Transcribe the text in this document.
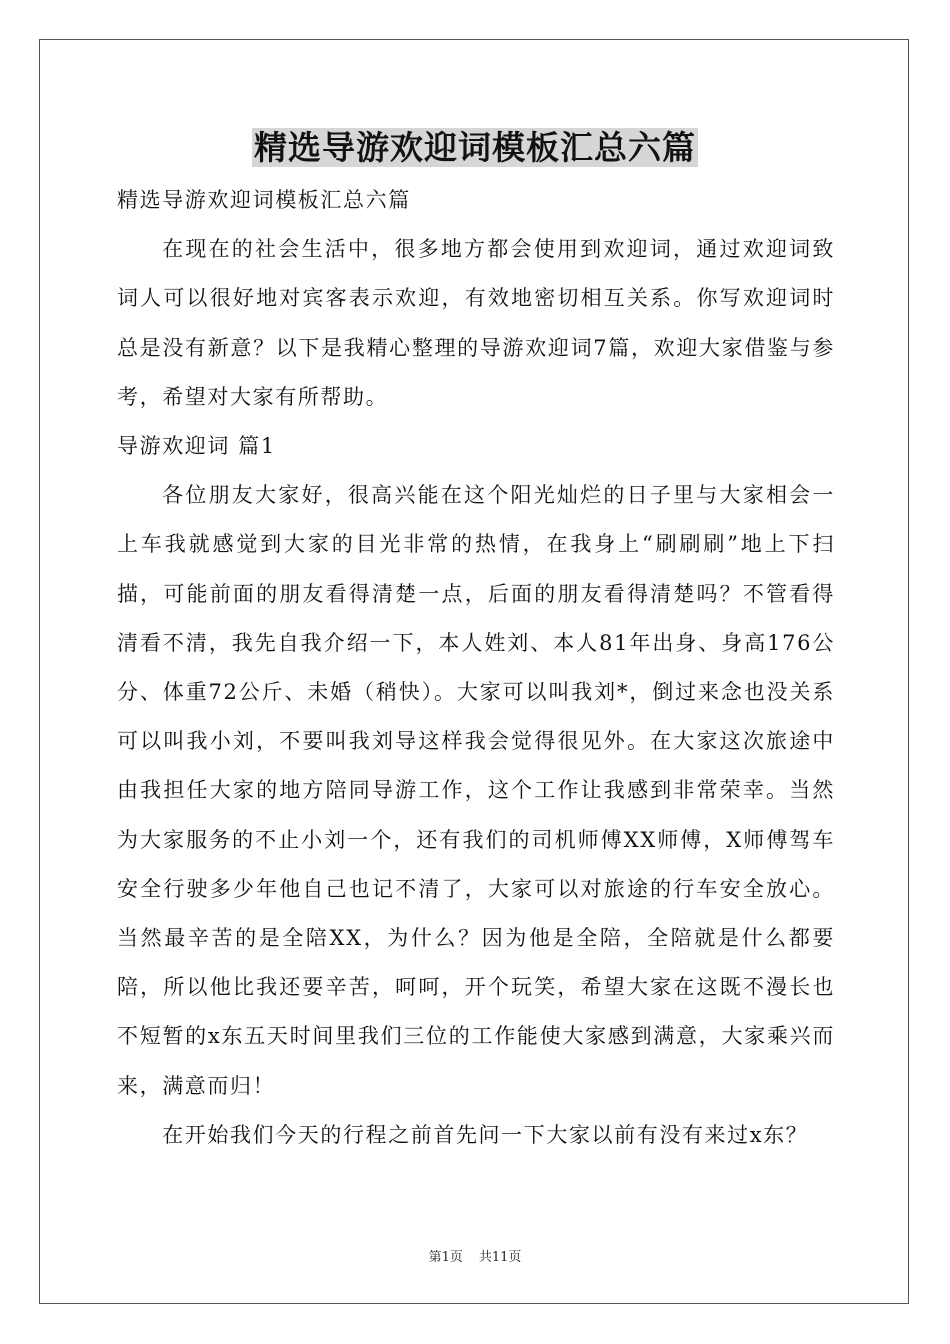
精选导游欢迎词模板汇总六篇

精选导游欢迎词模板汇总六篇

在现在的社会生活中，很多地方都会使用到欢迎词，通过欢迎词致词人可以很好地对宾客表示欢迎，有效地密切相互关系。你写欢迎词时总是没有新意？以下是我精心整理的导游欢迎词7篇，欢迎大家借鉴与参考，希望对大家有所帮助。

导游欢迎词 篇1

各位朋友大家好，很高兴能在这个阳光灿烂的日子里与大家相会一上车我就感觉到大家的目光非常的热情，在我身上“刷刷刷”地上下扫描，可能前面的朋友看得清楚一点，后面的朋友看得清楚吗？不管看得清看不清，我先自我介绍一下，本人姓刘、本人81年出身、身高176公分、体重72公斤、未婚（稍快）。大家可以叫我刘*，倒过来念也没关系可以叫我小刘，不要叫我刘导这样我会觉得很见外。在大家这次旅途中由我担任大家的地方陪同导游工作，这个工作让我感到非常荣幸。当然为大家服务的不止小刘一个，还有我们的司机师傅XX师傅，X师傅驾车安全行驶多少年他自己也记不清了，大家可以对旅途的行车安全放心。当然最辛苦的是全陪XX，为什么？因为他是全陪，全陪就是什么都要陪，所以他比我还要辛苦，呵呵，开个玩笑，希望大家在这既不漫长也不短暂的x东五天时间里我们三位的工作能使大家感到满意，大家乘兴而来，满意而归！

在开始我们今天的行程之前首先问一下大家以前有没有来过x东？

第1页 共11页
